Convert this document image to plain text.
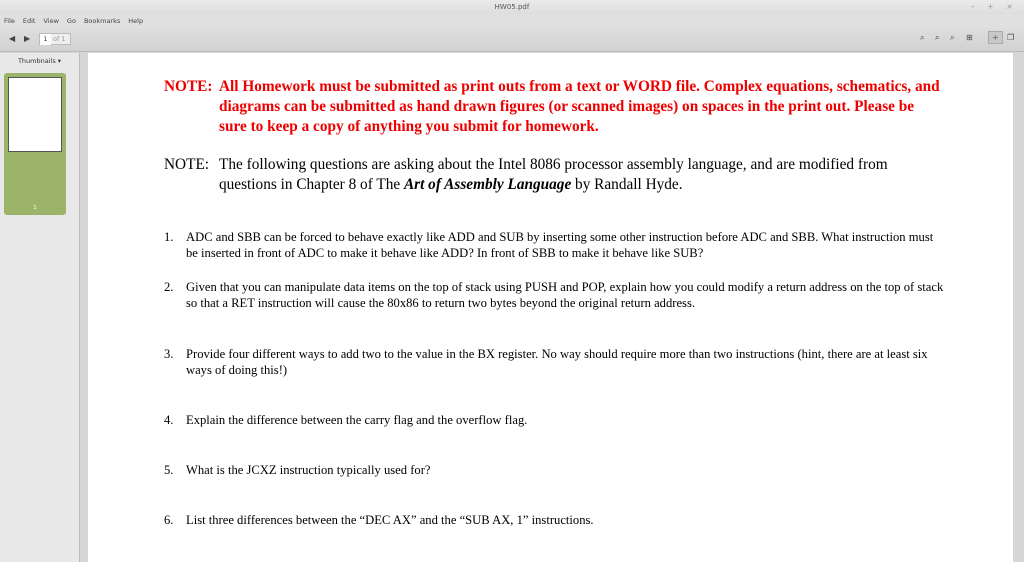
HW05.pdf	– + ×
File Edit View Go Bookmarks Help
◀ ▶	1 of 1	⌕ ⌕ ⌕ ⊞	÷	❐
Thumbnails ▾
1
NOTE: All Homework must be submitted as print outs from a text or WORD file. Complex equations, schematics, and diagrams can be submitted as hand drawn figures (or scanned images) on spaces in the print out. Please be sure to keep a copy of anything you submit for homework.
NOTE: The following questions are asking about the Intel 8086 processor assembly language, and are modified from questions in Chapter 8 of The Art of Assembly Language by Randall Hyde.
1. ADC and SBB can be forced to behave exactly like ADD and SUB by inserting some other instruction before ADC and SBB. What instruction must be inserted in front of ADC to make it behave like ADD? In front of SBB to make it behave like SUB?
2. Given that you can manipulate data items on the top of stack using PUSH and POP, explain how you could modify a return address on the top of stack so that a RET instruction will cause the 80x86 to return two bytes beyond the original return address.
3. Provide four different ways to add two to the value in the BX register. No way should require more than two instructions (hint, there are at least six ways of doing this!)
4. Explain the difference between the carry flag and the overflow flag.
5. What is the JCXZ instruction typically used for?
6. List three differences between the “DEC AX” and the “SUB AX, 1” instructions.
